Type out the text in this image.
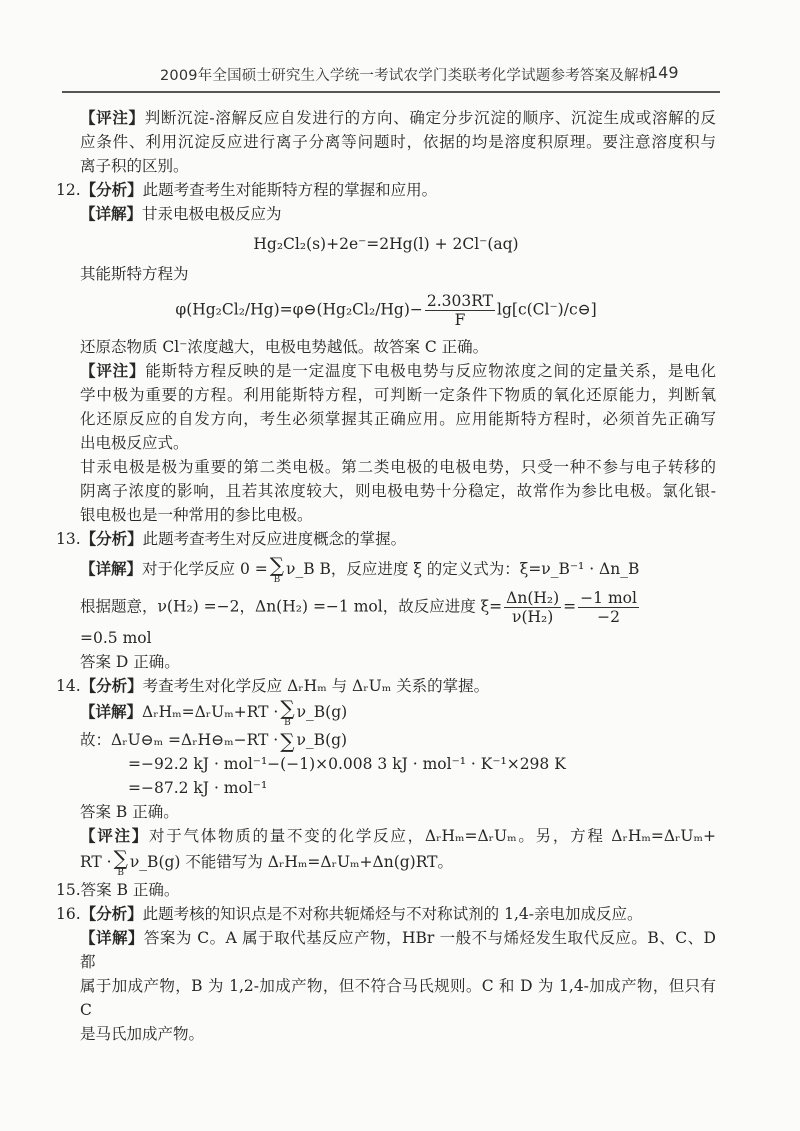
2009年全国硕士研究生入学统一考试农学门类联考化学试题参考答案及解析
149
【评注】判断沉淀-溶解反应自发进行的方向、确定分步沉淀的顺序、沉淀生成或溶解的反
应条件、利用沉淀反应进行离子分离等问题时，依据的均是溶度积原理。要注意溶度积与
离子积的区别。
12.【分析】此题考查考生对能斯特方程的掌握和应用。
【详解】甘汞电极电极反应为
Hg₂Cl₂(s)+2e⁻=2Hg(l) + 2Cl⁻(aq)
其能斯特方程为
φ(Hg₂Cl₂/Hg)=φ⊖(Hg₂Cl₂/Hg)− $\frac{2.303RT}{F}$ lg[c(Cl⁻)/c⊖]
还原态物质 Cl⁻浓度越大，电极电势越低。故答案 C 正确。
【评注】能斯特方程反映的是一定温度下电极电势与反应物浓度之间的定量关系，是电化
学中极为重要的方程。利用能斯特方程，可判断一定条件下物质的氧化还原能力，判断氧
化还原反应的自发方向，考生必须掌握其正确应用。应用能斯特方程时，必须首先正确写
出电极反应式。
甘汞电极是极为重要的第二类电极。第二类电极的电极电势，只受一种不参与电子转移的
阴离子浓度的影响，且若其浓度较大，则电极电势十分稳定，故常作为参比电极。氯化银-
银电极也是一种常用的参比电极。
13.【分析】此题考查考生对反应进度概念的掌握。
【详解】对于化学反应 0 = ∑
B
ν_B B，反应进度 ξ 的定义式为：ξ=ν_B⁻¹ · Δn_B
根据题意，ν(H₂) =−2，Δn(H₂) =−1 mol，故反应进度 $\xi= \frac{\text{Δn(H₂)}}{\text{ν(H₂)}} = \frac{\text{−1 mol}}{-2}$
=0.5 mol
答案 D 正确。
14.【分析】考查考生对化学反应 ΔᵣHₘ 与 ΔᵣUₘ 关系的掌握。
【详解】ΔᵣHₘ=ΔᵣUₘ+RT · ∑
B
ν_B(g)
故：ΔᵣU⊖ₘ =ΔᵣH⊖ₘ−RT · ∑ ν_B(g)
=−92.2 kJ · mol⁻¹−(−1)×0.008 3 kJ · mol⁻¹ · K⁻¹×298 K
=−87.2 kJ · mol⁻¹
答案 B 正确。
【评注】对于气体物质的量不变的化学反应，ΔᵣHₘ=ΔᵣUₘ。另，方程 ΔᵣHₘ=ΔᵣUₘ+
RT · ∑
B
ν_B(g) 不能错写为 ΔᵣHₘ=ΔᵣUₘ+Δn(g)RT。
15.答案 B 正确。
16.【分析】此题考核的知识点是不对称共轭烯烃与不对称试剂的 1,4-亲电加成反应。
【详解】答案为 C。A 属于取代基反应产物，HBr 一般不与烯烃发生取代反应。B、C、D 都
属于加成产物，B 为 1,2-加成产物，但不符合马氏规则。C 和 D 为 1,4-加成产物，但只有 C
是马氏加成产物。
